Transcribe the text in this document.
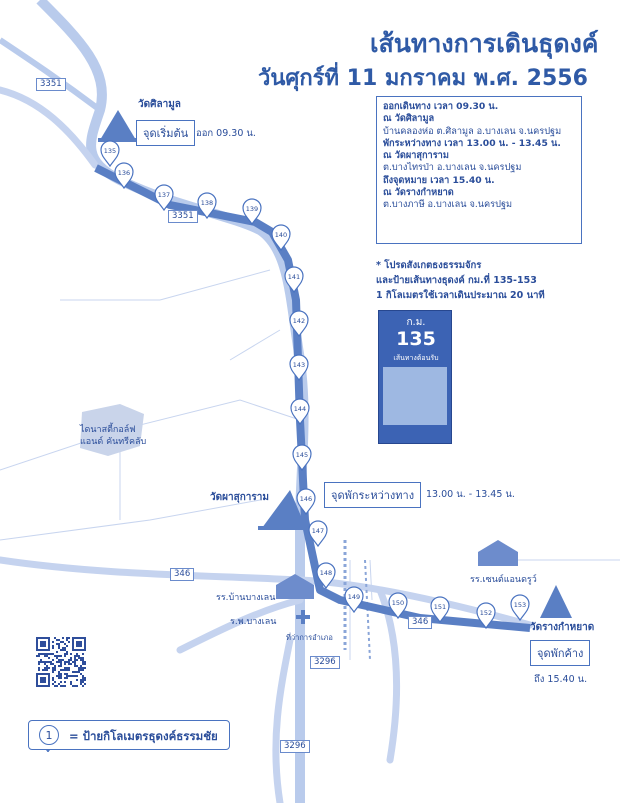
135
136
137
138
139
140
141
142
143
144
145
146
147
148
149
150	151
152
153
เส้นทางการเดินธุดงค์
วันศุกร์ที่ 11 มกราคม พ.ศ. 2556
ออกเดินทาง เวลา 09.30 น.
ณ วัดศิลามูล
บ้านคลองห่อ ต.ศิลามูล อ.บางเลน จ.นครปฐม
พักระหว่างทาง เวลา 13.00 น. - 13.45 น.
ณ วัดผาสุการาม
ต.บางไทรป่า อ.บางเลน จ.นครปฐม
ถึงจุดหมาย เวลา 15.40 น.
ณ วัดรางกำหยาด
ต.บางภาษี อ.บางเลน จ.นครปฐม
* โปรดสังเกตธงธรรมจักร
และป้ายเส้นทางธุดงค์ กม.ที่ 135-153
1 กิโลเมตรใช้เวลาเดินประมาณ 20 นาที
ก.ม.
135
เส้นทางต้อนรับ
วัดศิลามูล
จุดเริ่มต้น ออก 09.30 น.
วัดผาสุการาม	จุดพักระหว่างทาง	13.00 น. - 13.45 น.
วัดรางกำหยาด
จุดพักค้าง
ถึง 15.40 น.
ไดนาสตี้กอล์ฟ
แอนด์ คันทรีคลับ
รร.บ้านบางเลน
รร.เซนต์แอนดรูว์
ร.พ.บางเลน
ที่ว่าการอำเภอ
3351
3351
346
346
3296
3296
1	= ป้ายกิโลเมตรธุดงค์ธรรมชัย
